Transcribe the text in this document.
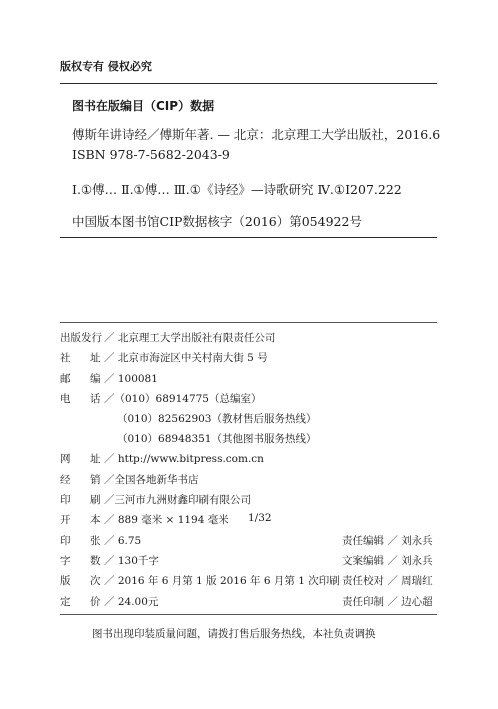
版权专有 侵权必究
图书在版编目（CIP）数据
傅斯年讲诗经／傅斯年著. — 北京：北京理工大学出版社，2016.6
ISBN 978-7-5682-2043-9
Ⅰ.①傅… Ⅱ.①傅… Ⅲ.①《诗经》—诗歌研究 Ⅳ.①I207.222
中国版本图书馆CIP数据核字（2016）第054922号
出版发行 ／ 北京理工大学出版社有限责任公司
社 址 ／ 北京市海淀区中关村南大街 5 号
邮 编 ／ 100081
电 话 ／（010）68914775（总编室）
（010）82562903（教材售后服务热线）
（010）68948351（其他图书服务热线）
网 址 ／ http://www.bitpress.com.cn
经 销 ／全国各地新华书店
印 刷 ／三河市九洲财鑫印刷有限公司
开 本 ／ 889 毫米 × 1194 毫米 1/32
印 张 ／ 6.75	责任编辑 ／ 刘永兵
字 数 ／ 130千字	文案编辑 ／ 刘永兵
版 次 ／ 2016 年 6 月第 1 版 2016 年 6 月第 1 次印刷 责任校对 ／ 周瑞红
定 价 ／ 24.00元	责任印制 ／ 边心超
图书出现印装质量问题，请拨打售后服务热线，本社负责调换
